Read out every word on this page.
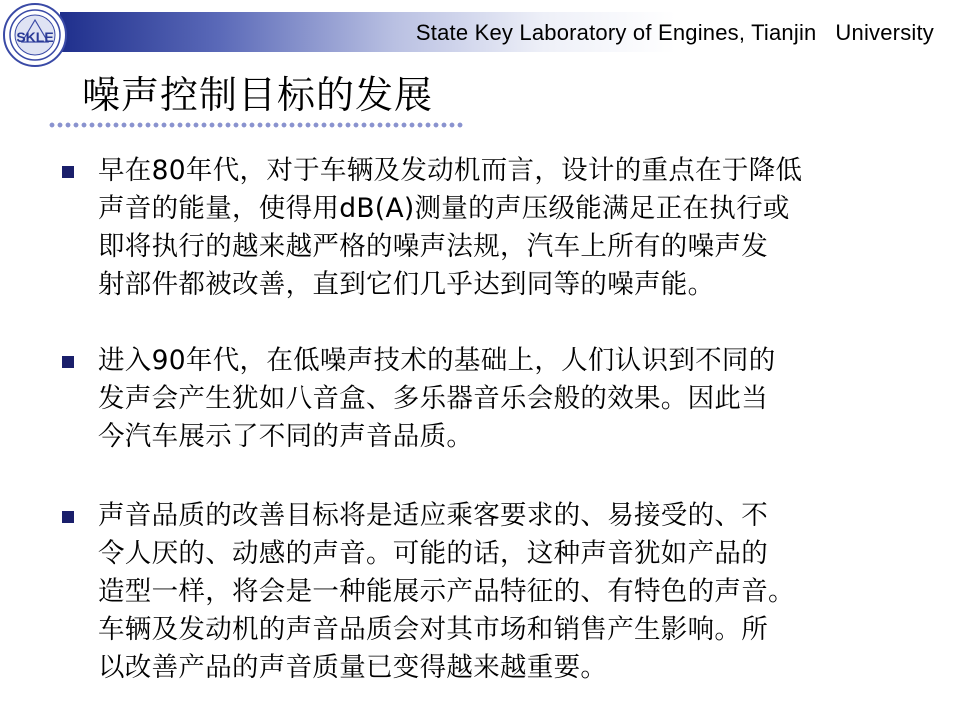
SKLE	State Key Laboratory of Engines, Tianjin   University
噪声控制目标的发展
早在80年代，对于车辆及发动机而言，设计的重点在于降低
声音的能量，使得用dB(A)测量的声压级能满足正在执行或
即将执行的越来越严格的噪声法规，汽车上所有的噪声发
射部件都被改善，直到它们几乎达到同等的噪声能。
进入90年代，在低噪声技术的基础上，人们认识到不同的
发声会产生犹如八音盒、多乐器音乐会般的效果。因此当
今汽车展示了不同的声音品质。
声音品质的改善目标将是适应乘客要求的、易接受的、不
令人厌的、动感的声音。可能的话，这种声音犹如产品的
造型一样，将会是一种能展示产品特征的、有特色的声音。
车辆及发动机的声音品质会对其市场和销售产生影响。所
以改善产品的声音质量已变得越来越重要。
